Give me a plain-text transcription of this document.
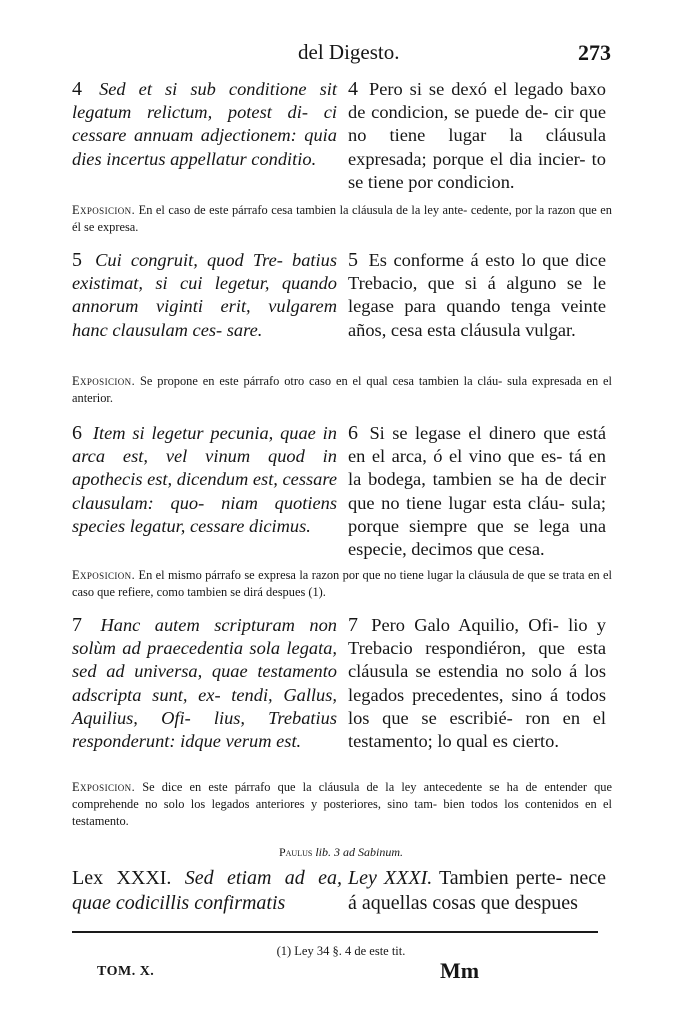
del Digesto.	273
4 Sed et si sub conditione sit legatum relictum, potest di- ci cessare annuam adjectionem: quia dies incertus appellatur conditio.
4 Pero si se dexó el legado baxo de condicion, se puede de- cir que no tiene lugar la cláusula expresada; porque el dia incier- to se tiene por condicion.
Exposicion. En el caso de este párrafo cesa tambien la cláusula de la ley ante- cedente, por la razon que en él se expresa.
5 Cui congruit, quod Tre- batius existimat, si cui legetur, quando annorum viginti erit, vulgarem hanc clausulam ces- sare.
5 Es conforme á esto lo que dice Trebacio, que si á alguno se le legase para quando tenga veinte años, cesa esta cláusula vulgar.
Exposicion. Se propone en este párrafo otro caso en el qual cesa tambien la cláu- sula expresada en el anterior.
6 Item si legetur pecunia, quae in arca est, vel vinum quod in apothecis est, dicendum est, cessare clausulam: quo- niam quotiens species legatur, cessare dicimus.
6 Si se legase el dinero que está en el arca, ó el vino que es- tá en la bodega, tambien se ha de decir que no tiene lugar esta cláu- sula; porque siempre que se lega una especie, decimos que cesa.
Exposicion. En el mismo párrafo se expresa la razon por que no tiene lugar la cláusula de que se trata en el caso que refiere, como tambien se dirá despues (1).
7 Hanc autem scripturam non solùm ad praecedentia sola legata, sed ad universa, quae testamento adscripta sunt, ex- tendi, Gallus, Aquilius, Ofi- lius, Trebatius responderunt: idque verum est.
7 Pero Galo Aquilio, Ofi- lio y Trebacio respondiéron, que esta cláusula se estendia no solo á los legados precedentes, sino á todos los que se escribié- ron en el testamento; lo qual es cierto.
Exposicion. Se dice en este párrafo que la cláusula de la ley antecedente se ha de entender que comprehende no solo los legados anteriores y posteriores, sino tam- bien todos los contenidos en el testamento.
Paulus lib. 3 ad Sabinum.
Lex XXXI. Sed etiam ad ea, quae codicillis confirmatis
Ley XXXI. Tambien perte- nece á aquellas cosas que despues
(1) Ley 34 §. 4 de este tit.
TOM. X.	Mm
